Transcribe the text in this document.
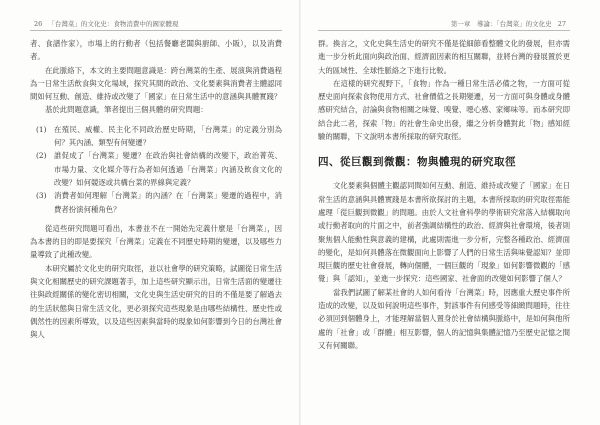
26 「台灣菜」的文化史：食物消費中的國家體現

者、食譜作家），市場上的行動者（包括餐廳老闆與廚師、小販），以及消費者。

在此脈絡下，本文的主要問題意識是：跨台灣菜的生產、展演與消費過程為一日常生活飲食與文化場域，探究其間的政治、文化要素與消費者主體認同間如何互動、創造、維持或改變了「國家」在日常生活中的意涵與具體實踐？

基於此問題意識，筆者提出三個具體的研究問題：

(1)	在殖民、威權、民主化不同政治歷史時期，「台灣菜」的定義分別為何？其內涵、類型有何變遷？
(2)	誰促成了「台灣菜」變遷？在政治與社會結構的改變下，政治菁英、市場力量、文化媒介等行為者如何透過「台灣菜」內涵及飲食文化的改變？如何競逐或共構台菜的界線與定義？
(3)	消費者如何理解「台灣菜」的內涵？在「台灣菜」變遷的過程中，消費者扮演何種角色？

從這些研究問題可看出，本書並不在一開始先定義什麼是「台灣菜」，因為本書的目的即是要探究「台灣菜」定義在不同歷史時期的變遷，以及哪些力量導致了此種改變。

本研究屬於文化史的研究取徑，並以社會學的研究策略，試圖從日常生活與文化相關歷史的研究課題著手，加上這些研究顯示出，日常生活面的變遷往往與政經關係的變化密切相關，文化史與生活史研究的目的不僅是要了解過去的生活狀態與日常生活文化，更必須探究這些現象是由哪些結構性、歷史性或偶然性的因素所導致，以及這些因素與當時的現象如何影響到今日的台灣社會與人

第一章　導論：「台灣菜」的文化史 27

群。換言之，文化史與生活史的研究不僅是從細節看整體文化的發展，但亦需進一步分析此面向與政治面、經濟面因素的相互關聯，並將台灣的發展置於更大的區域性、全球性脈絡之下進行比較。

在這樣的研究視野下，「食物」作為一種日常生活必備之物，一方面可從歷史面向探索食物使用方式、社會價值之長期變遷，另一方面可與身體或身體感研究結合，討論與食物相關之味覺、嗅覺、噁心感、家鄉味等。而本研究即結合此二者，探索「物」的社會生命史出發，繼之分析身體對此「物」感知經驗的關聯，下文說明本書所採取的研究取徑。

四、從巨觀到微觀：物與體現的研究取徑

文化要素與個體主觀認同間如何互動、創造、維持或改變了「國家」在日常生活的意涵與具體實踐是本書所欲探討的主題，本書所採取的研究取徑需能處理「從巨觀到微觀」的問題。由於人文社會科學的學術研究常落入結構取向或行動者取向的片面之中，前者強調結構性的政治、經濟與社會環境，後者則聚焦個人能動性與意義的建構，此處則需進一步分析，完整各種政治、經濟面的變化，是如何具體落在微觀面向上影響了人們的日常生活與味覺認知？並即現巨觀的歷史社會發展，轉向個體，一個巨觀的「現象」如何影響微觀的「感覺」與「認知」，並進一步探究：這些國家、社會面的改變如何影響了個人？

當我們試圖了解某社會的人如何看待「台灣菜」時，因應重大歷史事件所造成的改變，以及如何說明這些事件，對該事件有何感受等細緻問題時，往往必須回到個體身上，才能理解當個人置身於社會結構與脈絡中，是如何與他所處的「社會」或「群體」相互影響，個人的記憶與集體記憶乃至歷史記憶之間又有何關聯。
